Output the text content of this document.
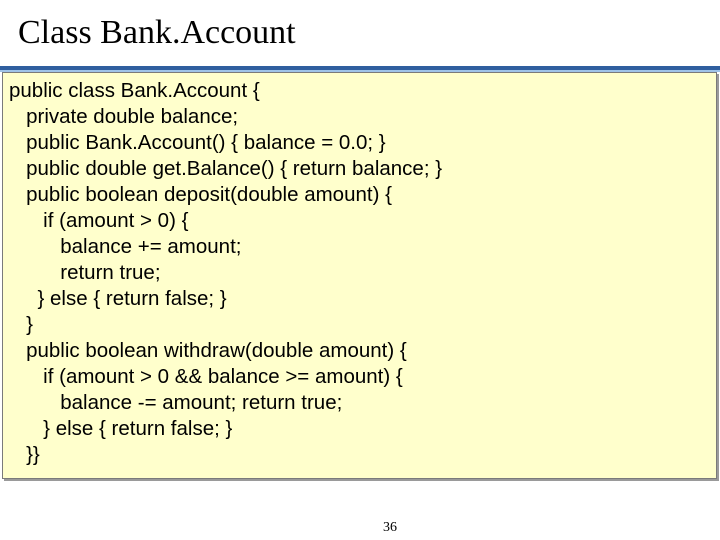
Class Bank.Account
public class Bank.Account {
private double balance;
public Bank.Account() { balance = 0.0; }
public double get.Balance() { return balance; }
public boolean deposit(double amount) {
if (amount > 0) {
balance += amount;
return true;
} else { return false; }
}
public boolean withdraw(double amount) {
if (amount > 0 && balance >= amount) {
balance -= amount; return true;
} else { return false; }
}}
36
